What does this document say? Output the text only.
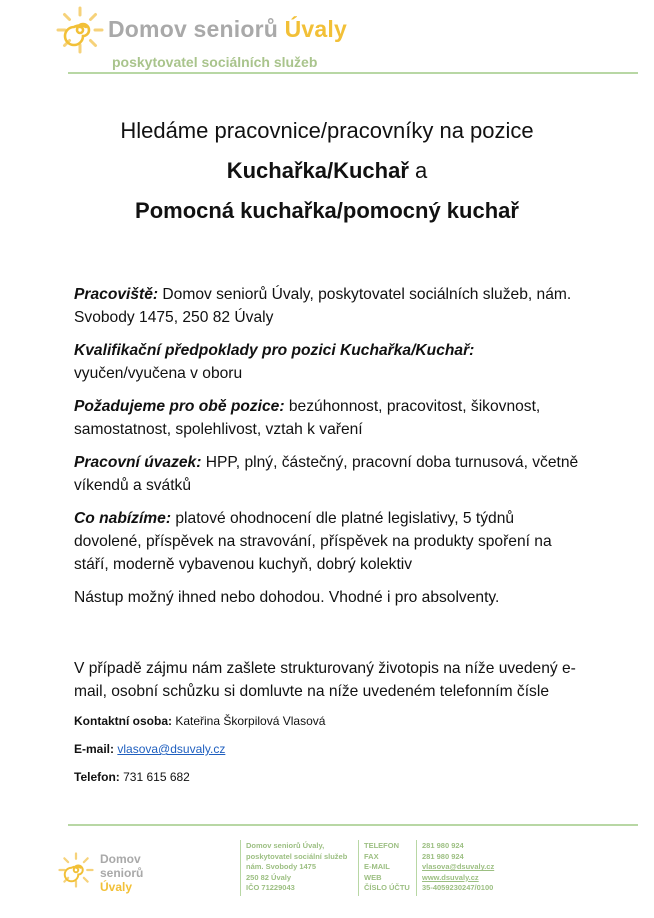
Domov seniorů Úvaly
poskytovatel sociálních služeb
Hledáme pracovnice/pracovníky na pozice
Kuchařka/Kuchař a
Pomocná kuchařka/pomocný kuchař

Pracoviště: Domov seniorů Úvaly, poskytovatel sociálních služeb, nám. Svobody 1475, 250 82 Úvaly

Kvalifikační předpoklady pro pozici Kuchařka/Kuchař:
vyučen/vyučena v oboru

Požadujeme pro obě pozice: bezúhonnost, pracovitost, šikovnost, samostatnost, spolehlivost, vztah k vaření

Pracovní úvazek: HPP, plný, částečný, pracovní doba turnusová, včetně víkendů a svátků

Co nabízíme: platové ohodnocení dle platné legislativy, 5 týdnů dovolené, příspěvek na stravování, příspěvek na produkty spoření na stáří, moderně vybavenou kuchyň, dobrý kolektiv

Nástup možný ihned nebo dohodou. Vhodné i pro absolventy.

V případě zájmu nám zašlete strukturovaný životopis na níže uvedený e-mail, osobní schůzku si domluvte na níže uvedeném telefonním čísle

Kontaktní osoba: Kateřina Škorpilová Vlasová

E-mail: vlasova@dsuvaly.cz

Telefon: 731 615 682

Domov
seniorů
Úvaly
Domov seniorů Úvaly,
poskytovatel sociální služeb
nám. Svobody 1475
250 82 Úvaly
IČO 71229043
TELEFON
FAX
E-MAIL
WEB
ČÍSLO ÚČTU
281 980 924
281 980 924
vlasova@dsuvaly.cz
www.dsuvaly.cz
35-4059230247/0100
